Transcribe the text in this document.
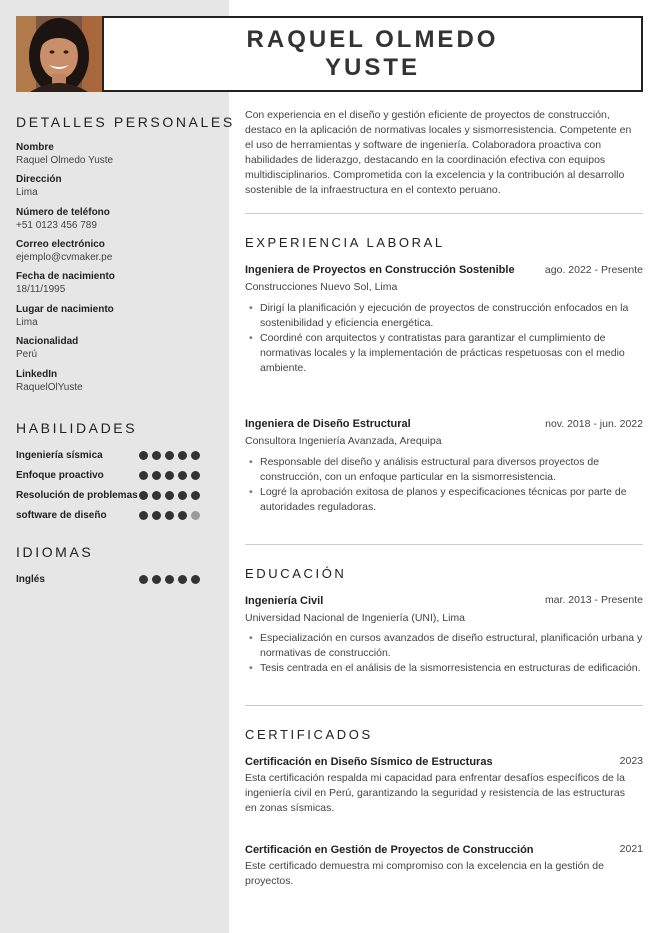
RAQUEL OLMEDO
YUSTE
DETALLES PERSONALES
Nombre
Raquel Olmedo Yuste
Dirección
Lima
Número de teléfono
+51 0123 456 789
Correo electrónico
ejemplo@cvmaker.pe
Fecha de nacimiento
18/11/1995
Lugar de nacimiento
Lima
Nacionalidad
Perú
LinkedIn
RaquelOlYuste
HABILIDADES
Ingeniería sísmica
Enfoque proactivo
Resolución de problemas
software de diseño
IDIOMAS
Inglés
Con experiencia en el diseño y gestión eficiente de proyectos de construcción, destaco en la aplicación de normativas locales y sismorresistencia. Competente en el uso de herramientas y software de ingeniería. Colaboradora proactiva con habilidades de liderazgo, destacando en la coordinación efectiva con equipos multidisciplinarios. Comprometida con la excelencia y la contribución al desarrollo sostenible de la infraestructura en el contexto peruano.
EXPERIENCIA LABORAL
Ingeniera de Proyectos en Construcción Sostenible	ago. 2022 - Presente
Construcciones Nuevo Sol, Lima
• Dirigí la planificación y ejecución de proyectos de construcción enfocados en la sostenibilidad y eficiencia energética.
• Coordiné con arquitectos y contratistas para garantizar el cumplimiento de normativas locales y la implementación de prácticas respetuosas con el medio ambiente.
Ingeniera de Diseño Estructural	nov. 2018 - jun. 2022
Consultora Ingeniería Avanzada, Arequipa
• Responsable del diseño y análisis estructural para diversos proyectos de construcción, con un enfoque particular en la sismorresistencia.
• Logré la aprobación exitosa de planos y especificaciones técnicas por parte de autoridades reguladoras.
EDUCACIÓN
Ingeniería Civil	mar. 2013 - Presente
Universidad Nacional de Ingeniería (UNI), Lima
• Especialización en cursos avanzados de diseño estructural, planificación urbana y normativas de construcción.
• Tesis centrada en el análisis de la sismorresistencia en estructuras de edificación.
CERTIFICADOS
Certificación en Diseño Sísmico de Estructuras	2023
Esta certificación respalda mi capacidad para enfrentar desafíos específicos de la ingeniería civil en Perú, garantizando la seguridad y resistencia de las estructuras en zonas sísmicas.
Certificación en Gestión de Proyectos de Construcción	2021
Este certificado demuestra mi compromiso con la excelencia en la gestión de proyectos.
